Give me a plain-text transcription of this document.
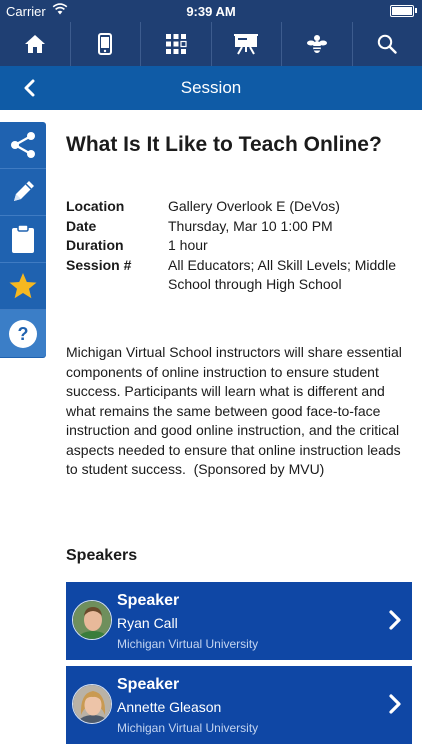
Carrier	9:39 AM
Session
?
What Is It Like to Teach Online?
Location	Gallery Overlook E (DeVos)
Date	Thursday, Mar 10 1:00 PM
Duration	1 hour
Session #	All Educators; All Skill Levels; Middle School through High School

Michigan Virtual School instructors will share essential components of online instruction to ensure student success. Participants will learn what is different and what remains the same between good face-to-face instruction and good online instruction, and the critical aspects needed to ensure that online instruction leads to student success.  (Sponsored by MVU)

Speakers
Speaker
Ryan Call
Michigan Virtual University
Speaker
Annette Gleason
Michigan Virtual University
